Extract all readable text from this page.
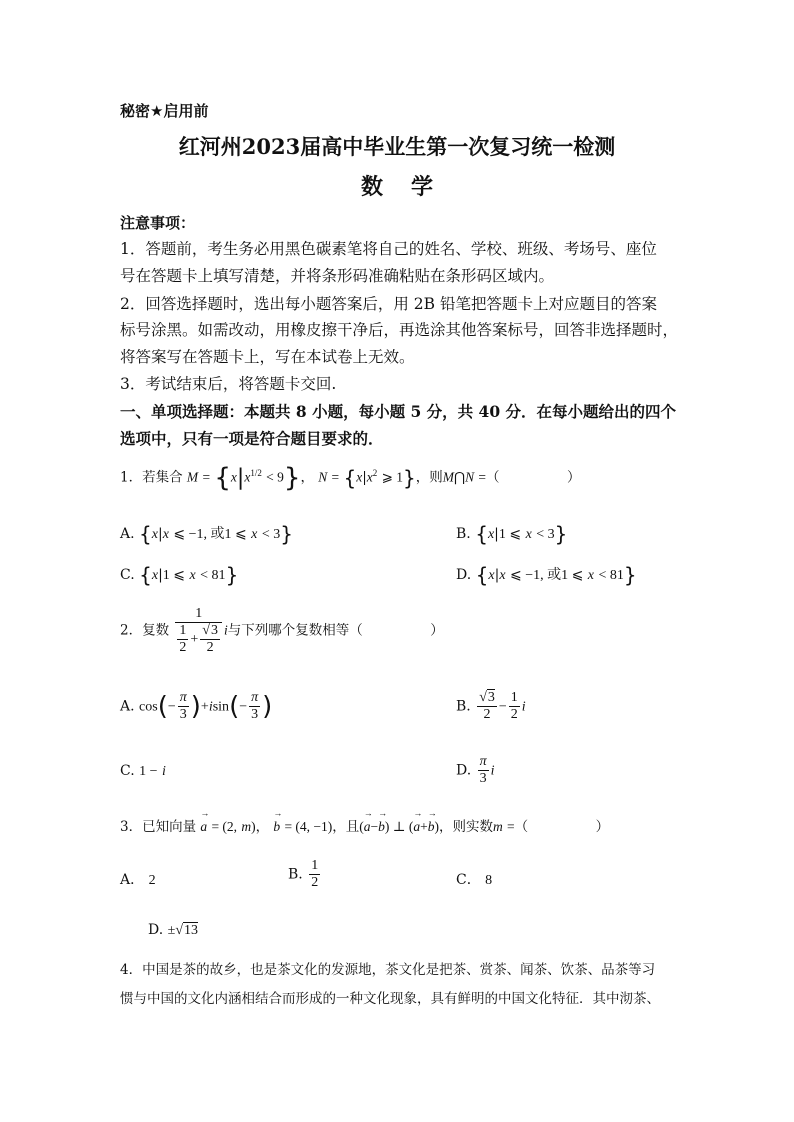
秘密★启用前
红河州2023届高中毕业生第一次复习统一检测
数学
注意事项：
1．答题前，考生务必用黑色碳素笔将自己的姓名、学校、班级、考场号、座位
号在答题卡上填写清楚，并将条形码准确粘贴在条形码区域内。
2．回答选择题时，选出每小题答案后，用 2B 铅笔把答题卡上对应题目的答案
标号涂黑。如需改动，用橡皮擦干净后，再选涂其他答案标号，回答非选择题时，
将答案写在答题卡上，写在本试卷上无效。
3．考试结束后，将答题卡交回.
一、单项选择题：本题共 8 小题，每小题 5 分，共 40 分．在每小题给出的四个
选项中，只有一项是符合题目要求的．
1．若集合 $M = \{x|x^{1/2} < 9\}$， $N = \{x|x^2$ ⩾ 1}，则M⋂N =（　　　　　）
A. {x|x ⩽ −1, 或1 ⩽ x < 3}	B. {x|1 ⩽ x < 3}
C. {x|1 ⩽ x < 81}	D. {x|x ⩽ −1, 或1 ⩽ x < 81}
2．复数 $\frac{1}{\frac{1}{2} + \frac{√3}{2}}$ i与下列哪个复数相等（　　　　　）
A. $\cos(- \frac{\pi}{3} )+isin(- \frac{\pi}{3}$ )	B. $\frac{√3}{2} - \frac{1}{2}$ i
C. 1 − i	D. $\frac{\pi}{3}$ i
3．已知向量 → a = (2, m)， → b = (4, −1)，且(→ a−→ b) ⊥ (→ a+→ b)，则实数m =（　　　　　）
A． 2	B. $\frac{1}{2}$	C． 8
D. ±√13
4．中国是茶的故乡，也是茶文化的发源地，茶文化是把茶、赏茶、闻茶、饮茶、品茶等习
惯与中国的文化内涵相结合而形成的一种文化现象，具有鲜明的中国文化特征．其中沏茶、
